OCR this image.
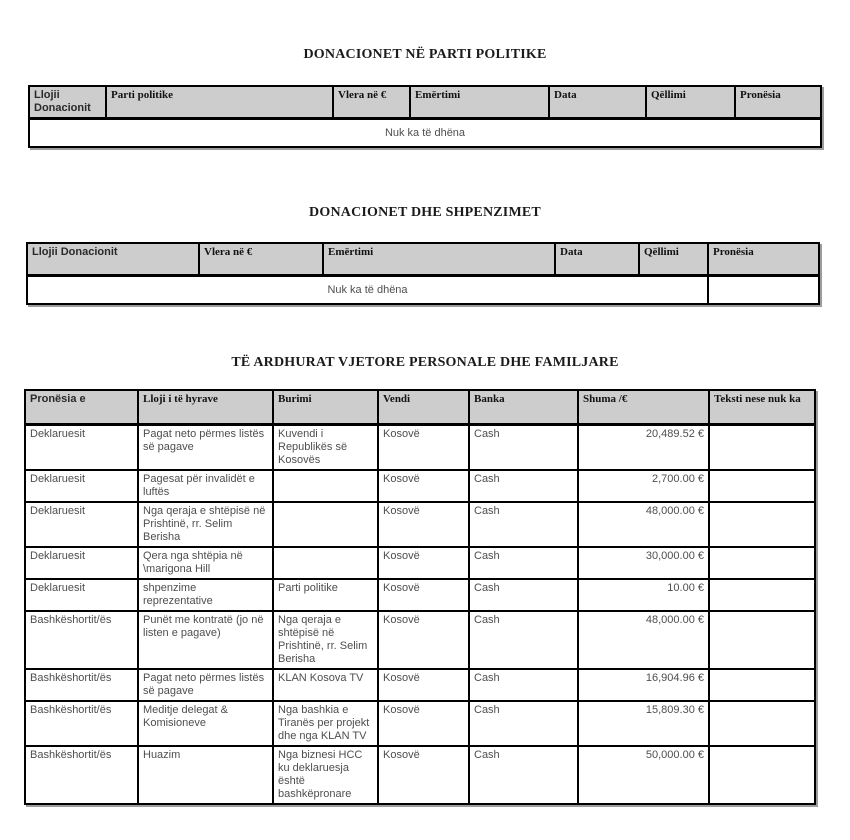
DONACIONET NË PARTI POLITIKE
Llojii Donacionit	Parti politike	Vlera në €	Emërtimi	Data	Qëllimi	Pronësia
Nuk ka të dhëna
DONACIONET DHE SHPENZIMET
Llojii Donacionit	Vlera në €	Emërtimi	Data	Qëllimi	Pronësia
Nuk ka të dhëna					
TË ARDHURAT VJETORE PERSONALE DHE FAMILJARE
Pronësia e	Lloji i të hyrave	Burimi	Vendi	Banka	Shuma /€	Teksti nese nuk ka
Deklaruesit	Pagat neto përmes listës së pagave	Kuvendi i Republikës së Kosovës	Kosovë	Cash	20,489.52 €	
Deklaruesit	Pagesat për invalidët e luftës		Kosovë	Cash	2,700.00 €	
Deklaruesit	Nga qeraja e shtëpisë në Prishtinë, rr. Selim Berisha		Kosovë	Cash	48,000.00 €	
Deklaruesit	Qera nga shtëpia në \marigona Hill		Kosovë	Cash	30,000.00 €	
Deklaruesit	shpenzime reprezentative	Parti politike	Kosovë	Cash	10.00 €	
Bashkëshortit/ës	Punët me kontratë (jo në listen e pagave)	Nga qeraja e shtëpisë në Prishtinë, rr. Selim Berisha	Kosovë	Cash	48,000.00 €	
Bashkëshortit/ës	Pagat neto përmes listës së pagave	KLAN Kosova TV	Kosovë	Cash	16,904.96 €	
Bashkëshortit/ës	Meditje delegat & Komisioneve	Nga bashkia e Tiranës per projekt dhe nga KLAN TV	Kosovë	Cash	15,809.30 €	
Bashkëshortit/ës	Huazim	Nga biznesi HCC ku deklaruesja është bashkëpronare	Kosovë	Cash	50,000.00 €	
